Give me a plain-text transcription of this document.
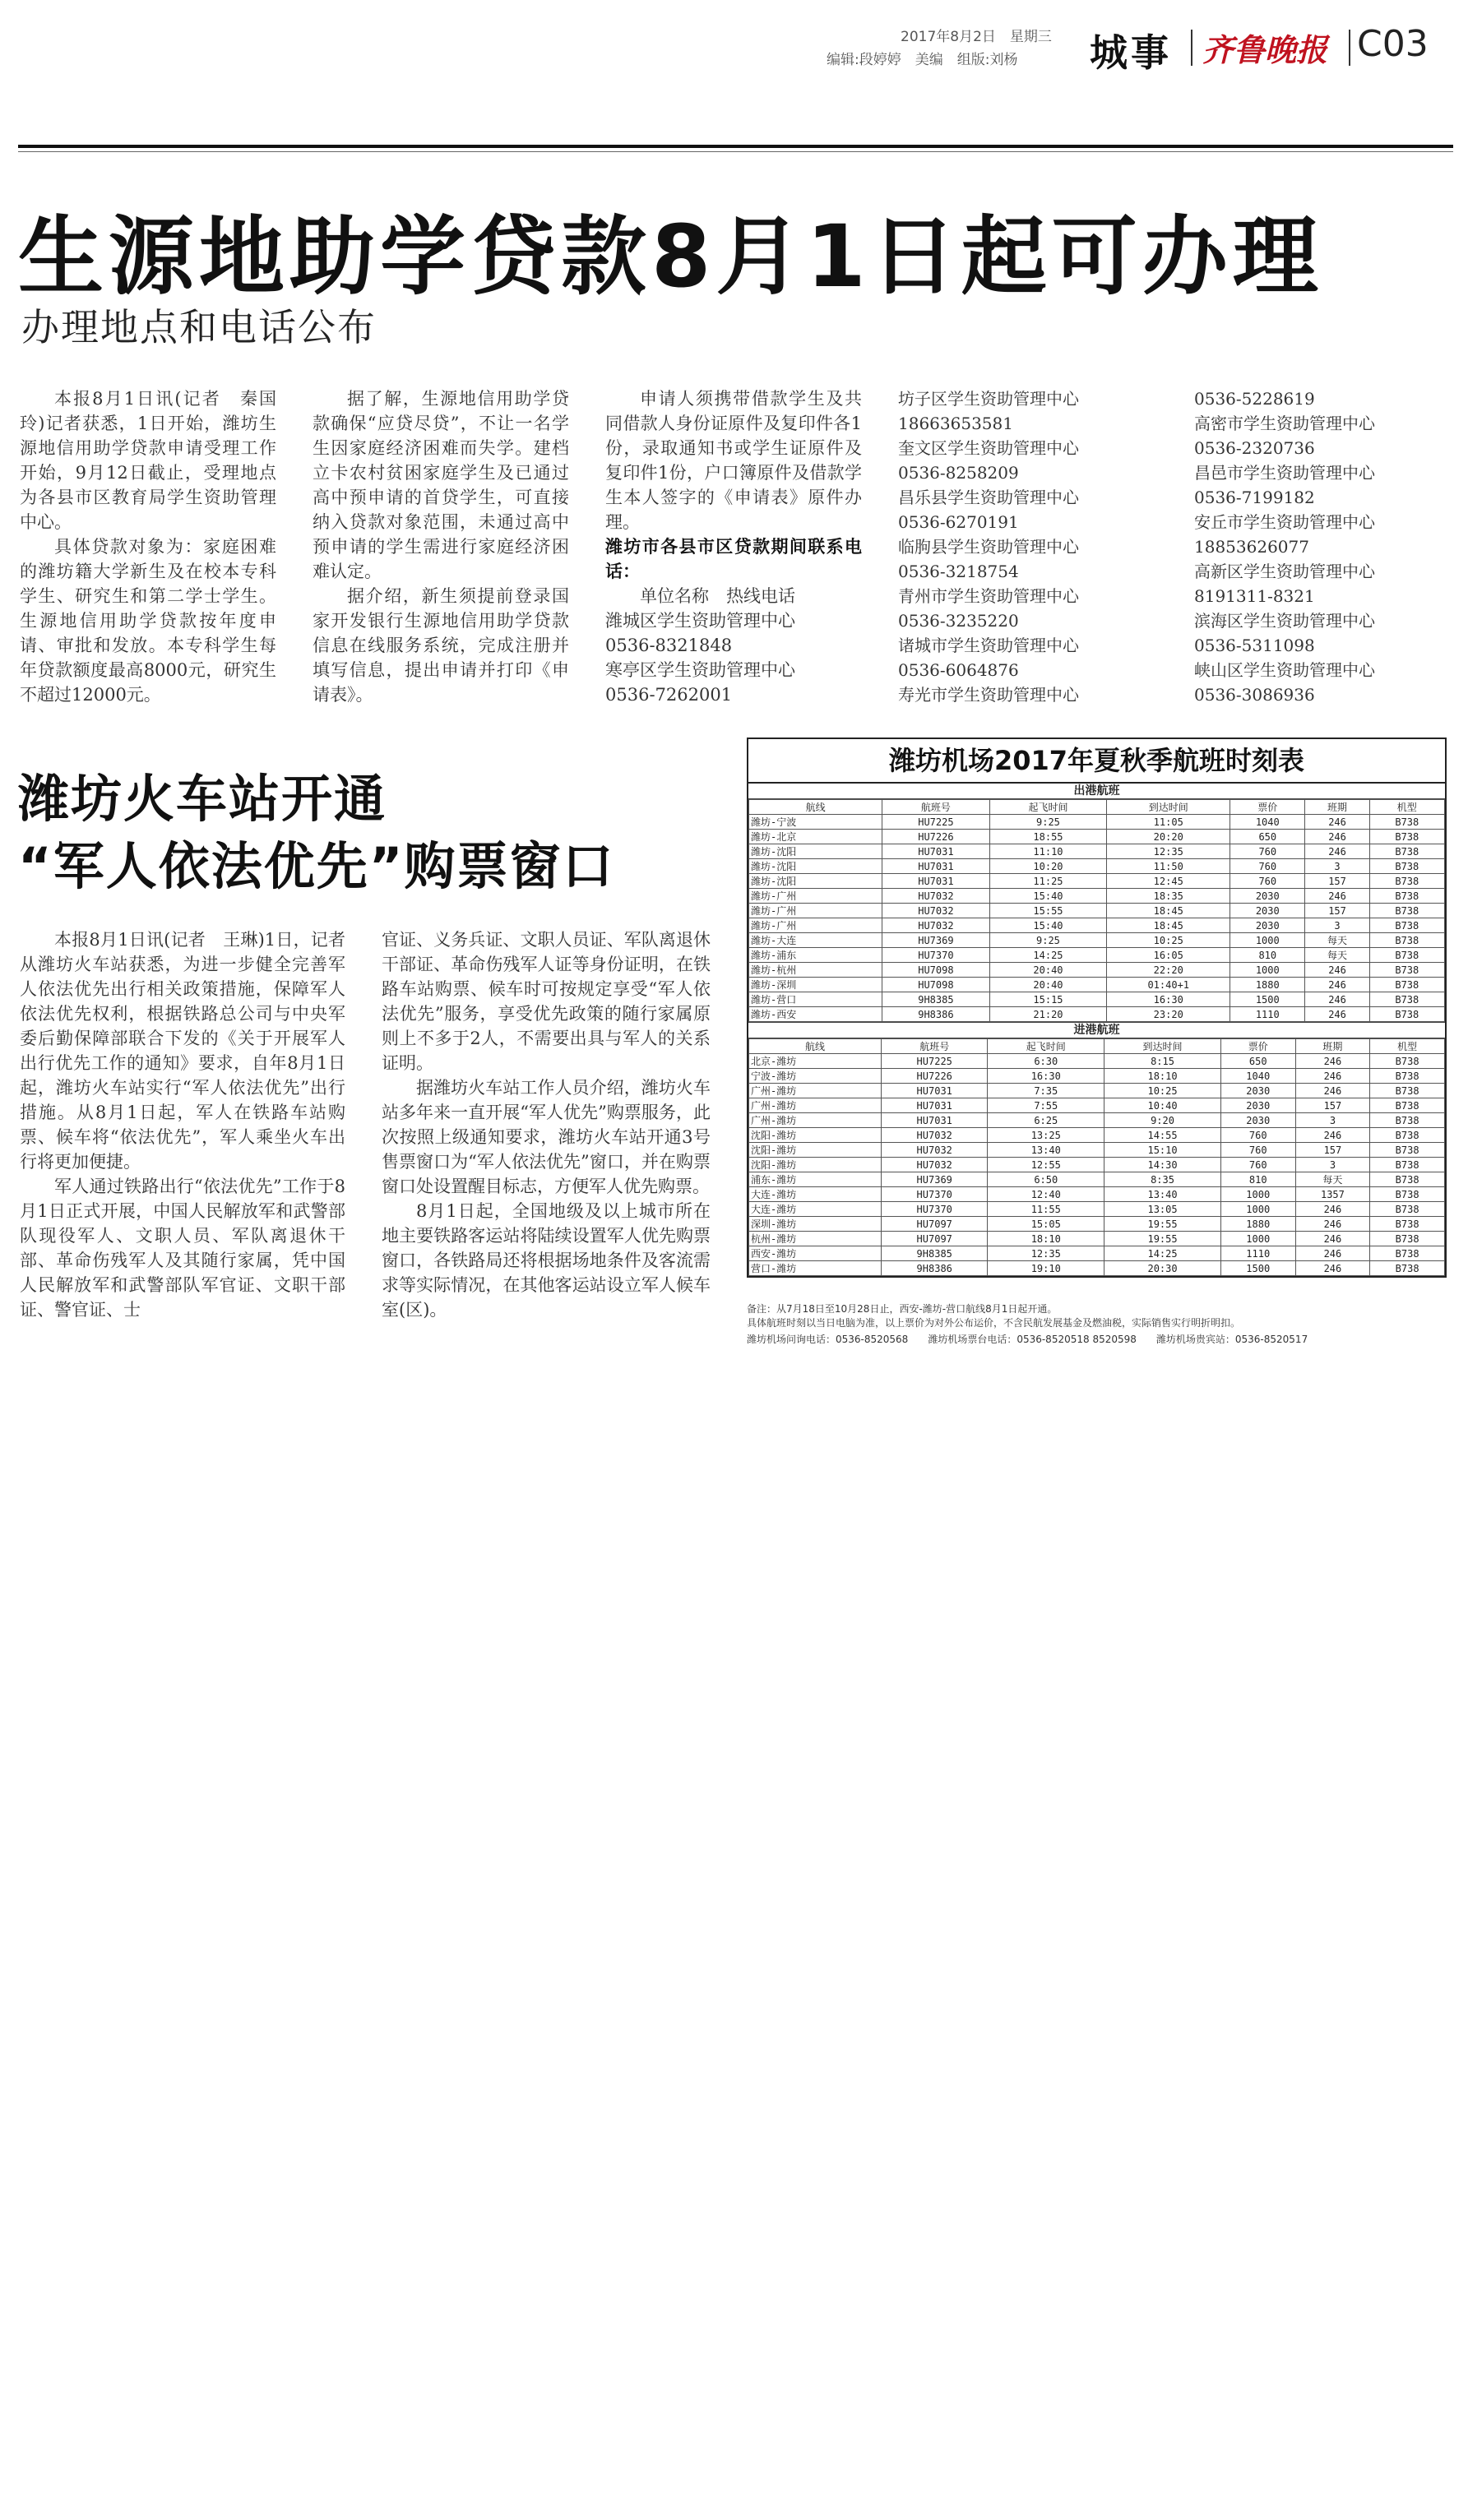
2017年8月2日　 星期三
编辑:段婷婷　美编　组版:刘杨 城事 齐鲁晚报 C03
生源地助学贷款8月1日起可办理
办理地点和电话公布

本报8月1日讯(记者　秦国玲)记者获悉，1日开始，潍坊生源地信用助学贷款申请受理工作开始，9月12日截止，受理地点为各县市区教育局学生资助管理中心。

具体贷款对象为：家庭困难的潍坊籍大学新生及在校本专科学生、研究生和第二学士学生。生源地信用助学贷款按年度申请、审批和发放。本专科学生每年贷款额度最高8000元，研究生不超过12000元。

据了解，生源地信用助学贷款确保“应贷尽贷”，不让一名学生因家庭经济困难而失学。建档立卡农村贫困家庭学生及已通过高中预申请的首贷学生，可直接纳入贷款对象范围，未通过高中预申请的学生需进行家庭经济困难认定。

据介绍，新生须提前登录国家开发银行生源地信用助学贷款信息在线服务系统，完成注册并填写信息，提出申请并打印《申请表》。

申请人须携带借款学生及共同借款人身份证原件及复印件各1份，录取通知书或学生证原件及复印件1份，户口簿原件及借款学生本人签字的《申请表》原件办理。

潍坊市各县市区贷款期间联系电话：

单位名称　热线电话

潍城区学生资助管理中心
0536-8321848
寒亭区学生资助管理中心
0536-7262001
坊子区学生资助管理中心
18663653581
奎文区学生资助管理中心
0536-8258209
昌乐县学生资助管理中心
0536-6270191
临朐县学生资助管理中心
0536-3218754
青州市学生资助管理中心
0536-3235220
诸城市学生资助管理中心
0536-6064876
寿光市学生资助管理中心
0536-5228619
高密市学生资助管理中心
0536-2320736
昌邑市学生资助管理中心
0536-7199182
安丘市学生资助管理中心
18853626077
高新区学生资助管理中心
8191311-8321
滨海区学生资助管理中心
0536-5311098
峡山区学生资助管理中心
0536-3086936
潍坊火车站开通
“军人依法优先”购票窗口

本报8月1日讯(记者　王琳)1日，记者从潍坊火车站获悉，为进一步健全完善军人依法优先出行相关政策措施，保障军人依法优先权利，根据铁路总公司与中央军委后勤保障部联合下发的《关于开展军人出行优先工作的通知》要求，自年8月1日起，潍坊火车站实行“军人依法优先”出行措施。从8月1日起，军人在铁路车站购票、候车将“依法优先”，军人乘坐火车出行将更加便捷。

军人通过铁路出行“依法优先”工作于8月1日正式开展，中国人民解放军和武警部队现役军人、文职人员、军队离退休干部、革命伤残军人及其随行家属，凭中国人民解放军和武警部队军官证、文职干部证、警官证、士

官证、义务兵证、文职人员证、军队离退休干部证、革命伤残军人证等身份证明，在铁路车站购票、候车时可按规定享受“军人依法优先”服务，享受优先政策的随行家属原则上不多于2人，不需要出具与军人的关系证明。

据潍坊火车站工作人员介绍，潍坊火车站多年来一直开展“军人优先”购票服务，此次按照上级通知要求，潍坊火车站开通3号售票窗口为“军人依法优先”窗口，并在购票窗口处设置醒目标志，方便军人优先购票。

8月1日起，全国地级及以上城市所在地主要铁路客运站将陆续设置军人优先购票窗口，各铁路局还将根据场地条件及客流需求等实际情况，在其他客运站设立军人候车室(区)。

潍坊机场2017年夏秋季航班时刻表
出港航班
航线	航班号	起飞时间	到达时间	票价	班期	机型
潍坊-宁波	HU7225	9:25	11:05	1040	246	B738
潍坊-北京	HU7226	18:55	20:20	650	246	B738
潍坊-沈阳	HU7031	11:10	12:35	760	246	B738
潍坊-沈阳	HU7031	10:20	11:50	760	3	B738
潍坊-沈阳	HU7031	11:25	12:45	760	157	B738
潍坊-广州	HU7032	15:40	18:35	2030	246	B738
潍坊-广州	HU7032	15:55	18:45	2030	157	B738
潍坊-广州	HU7032	15:40	18:45	2030	3	B738
潍坊-大连	HU7369	9:25	10:25	1000	每天	B738
潍坊-浦东	HU7370	14:25	16:05	810	每天	B738
潍坊-杭州	HU7098	20:40	22:20	1000	246	B738
潍坊-深圳	HU7098	20:40	01:40+1	1880	246	B738
潍坊-营口	9H8385	15:15	16:30	1500	246	B738
潍坊-西安	9H8386	21:20	23:20	1110	246	B738
进港航班
航线	航班号	起飞时间	到达时间	票价	班期	机型
北京-潍坊	HU7225	6:30	8:15	650	246	B738
宁波-潍坊	HU7226	16:30	18:10	1040	246	B738
广州-潍坊	HU7031	7:35	10:25	2030	246	B738
广州-潍坊	HU7031	7:55	10:40	2030	157	B738
广州-潍坊	HU7031	6:25	9:20	2030	3	B738
沈阳-潍坊	HU7032	13:25	14:55	760	246	B738
沈阳-潍坊	HU7032	13:40	15:10	760	157	B738
沈阳-潍坊	HU7032	12:55	14:30	760	3	B738
浦东-潍坊	HU7369	6:50	8:35	810	每天	B738
大连-潍坊	HU7370	12:40	13:40	1000	1357	B738
大连-潍坊	HU7370	11:55	13:05	1000	246	B738
深圳-潍坊	HU7097	15:05	19:55	1880	246	B738
杭州-潍坊	HU7097	18:10	19:55	1000	246	B738
西安-潍坊	9H8385	12:35	14:25	1110	246	B738
营口-潍坊	9H8386	19:10	20:30	1500	246	B738
备注：从7月18日至10月28日止，西安-潍坊-营口航线8月1日起开通。
具体航班时刻以当日电脑为准，以上票价为对外公布运价，不含民航发展基金及燃油税，实际销售实行明折明扣。
潍坊机场问询电话：0536-8520568　　潍坊机场票台电话：0536-8520518 8520598　　潍坊机场贵宾站：0536-8520517
